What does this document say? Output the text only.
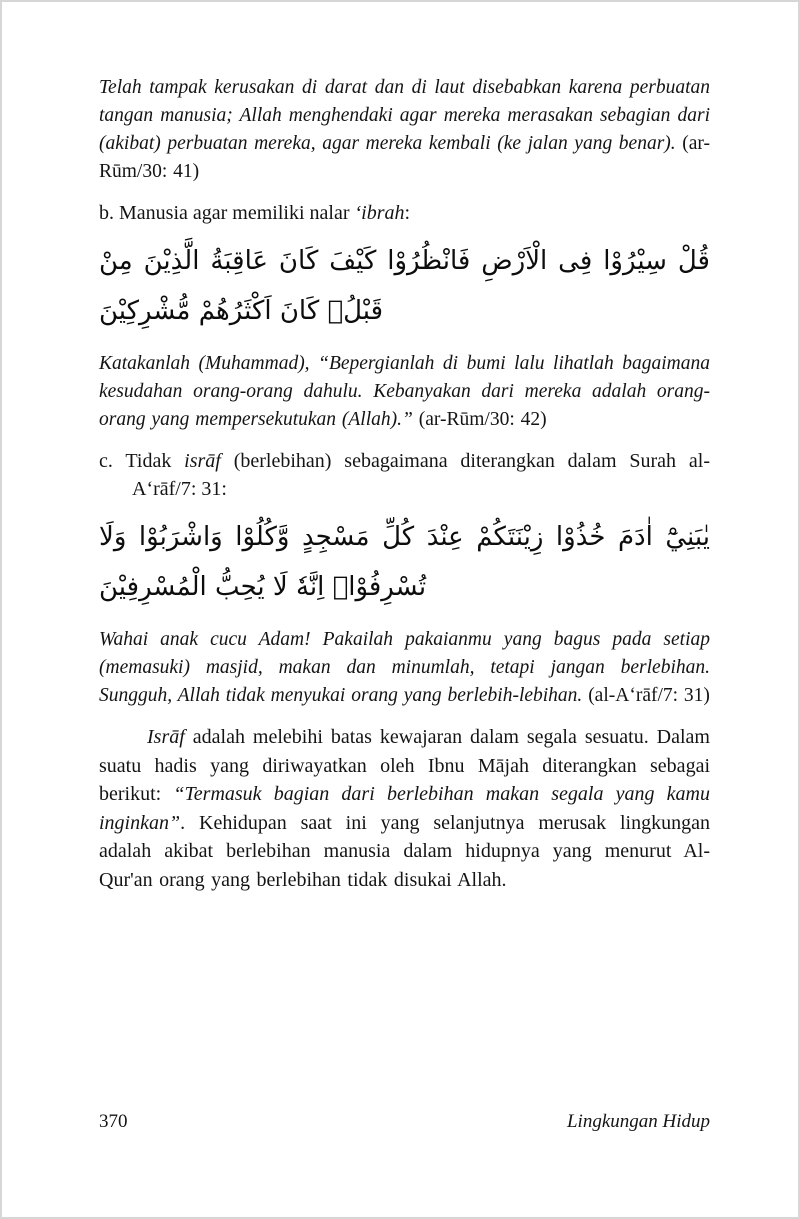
Telah tampak kerusakan di darat dan di laut disebabkan karena perbuatan tangan manusia; Allah menghendaki agar mereka merasakan sebagian dari (akibat) perbuatan mereka, agar mereka kembali (ke jalan yang benar). (ar-Rūm/30: 41)

b. Manusia agar memiliki nalar ‘ibrah:

قُلْ سِيْرُوْا فِى الْاَرْضِ فَانْظُرُوْا كَيْفَ كَانَ عَاقِبَةُ الَّذِيْنَ مِنْ قَبْلُۗ كَانَ اَكْثَرُهُمْ مُّشْرِكِيْنَ

Katakanlah (Muhammad), “Bepergianlah di bumi lalu lihatlah bagaimana kesudahan orang-orang dahulu. Kebanyakan dari mereka adalah orang-orang yang mempersekutukan (Allah).” (ar-Rūm/30: 42)

c. Tidak isrāf (berlebihan) sebagaimana diterangkan dalam Surah al-A‘rāf/7: 31:

يٰبَنِيْٓ اٰدَمَ خُذُوْا زِيْنَتَكُمْ عِنْدَ كُلِّ مَسْجِدٍ وَّكُلُوْا وَاشْرَبُوْا وَلَا تُسْرِفُوْاۚ اِنَّهٗ لَا يُحِبُّ الْمُسْرِفِيْنَ

Wahai anak cucu Adam! Pakailah pakaianmu yang bagus pada setiap (memasuki) masjid, makan dan minumlah, tetapi jangan berlebihan. Sungguh, Allah tidak menyukai orang yang berlebih-lebihan. (al-A‘rāf/7: 31)

Isrāf adalah melebihi batas kewajaran dalam segala sesuatu. Dalam suatu hadis yang diriwayatkan oleh Ibnu Mājah diterangkan sebagai berikut: “Termasuk bagian dari berlebihan makan segala yang kamu inginkan”. Kehidupan saat ini yang selanjutnya merusak lingkungan adalah akibat berlebihan manusia dalam hidupnya yang menurut Al-Qur'an orang yang berlebihan tidak disukai Allah.

370	Lingkungan Hidup
